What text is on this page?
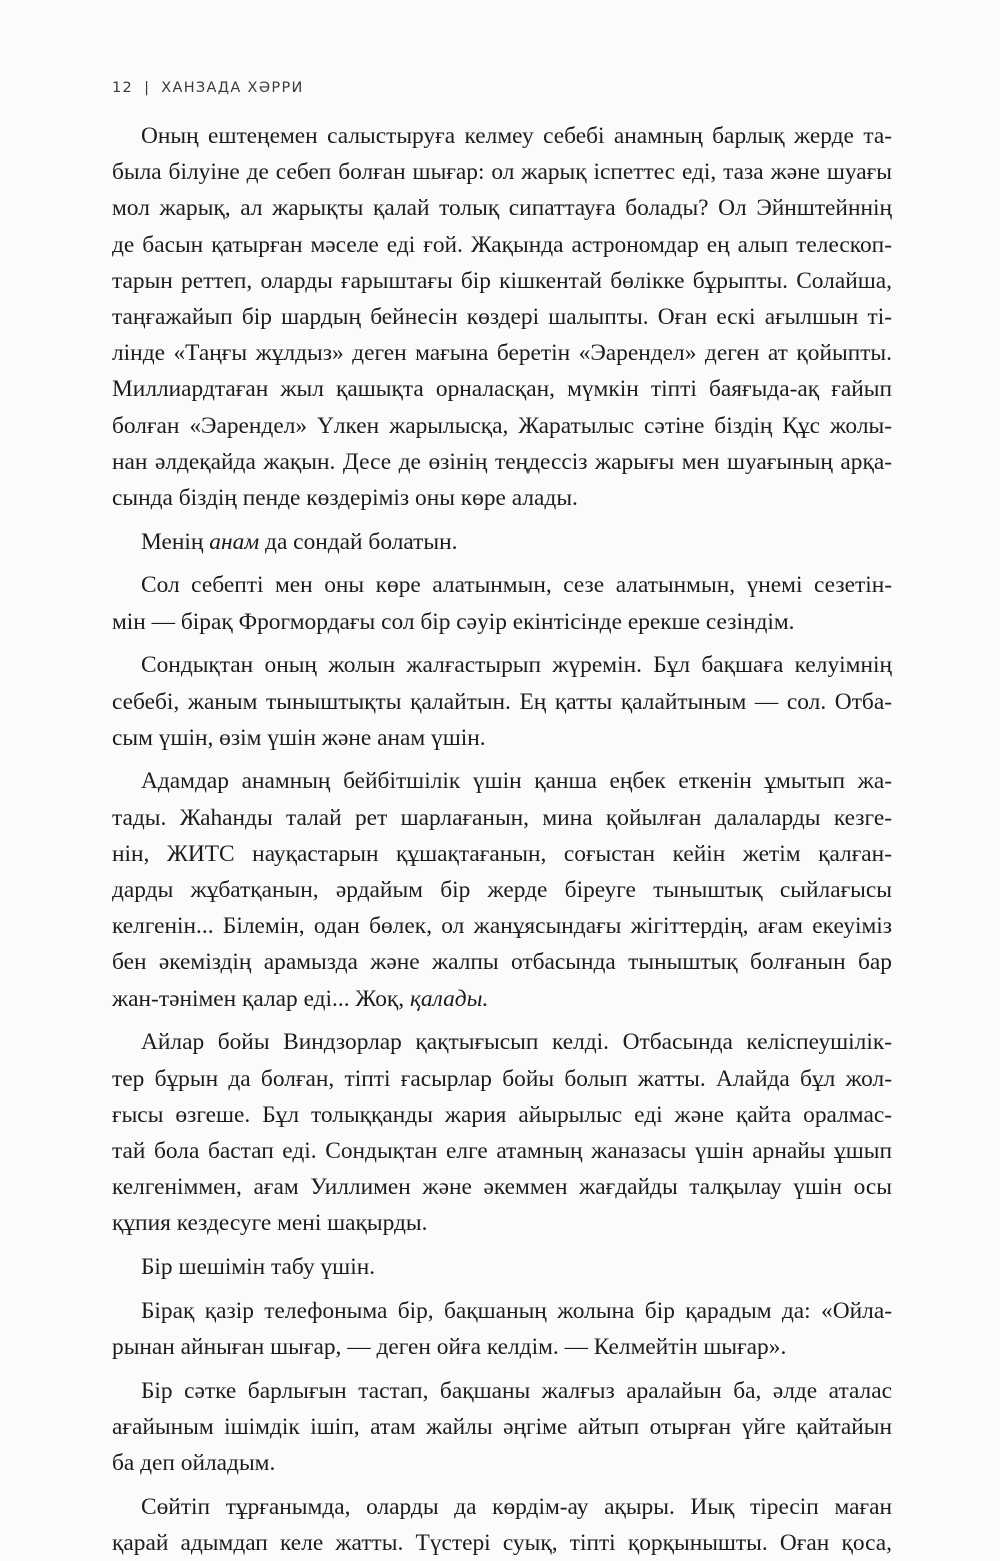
12 | ХАНЗАДА ХӘРРИ
Оның ештеңемен салыстыруға келмеу себебі анамның барлық жерде та-
была білуіне де себеп болған шығар: ол жарық іспеттес еді, таза және шуағы
мол жарық, ал жарықты қалай толық сипаттауға болады? Ол Эйнштейннің
де басын қатырған мәселе еді ғой. Жақында астрономдар ең алып телескоп-
тарын реттеп, оларды ғарыштағы бір кішкентай бөлікке бұрыпты. Солайша,
таңғажайып бір шардың бейнесін көздері шалыпты. Оған ескі ағылшын ті-
лінде «Таңғы жұлдыз» деген мағына беретін «Эарендел» деген ат қойыпты.
Миллиардтаған жыл қашықта орналасқан, мүмкін тіпті баяғыда-ақ ғайып
болған «Эарендел» Үлкен жарылысқа, Жаратылыс сәтіне біздің Құс жолы-
нан әлдеқайда жақын. Десе де өзінің теңдессіз жарығы мен шуағының арқа-
сында біздің пенде көздеріміз оны көре алады.
Менің анам да сондай болатын.
Сол себепті мен оны көре алатынмын, сезе алатынмын, үнемі сезетін-
мін — бірақ Фрогмордағы сол бір сәуір екінтісінде ерекше сезіндім.
Сондықтан оның жолын жалғастырып жүремін. Бұл бақшаға келуімнің
себебі, жаным тыныштықты қалайтын. Ең қатты қалайтыным — сол. Отба-
сым үшін, өзім үшін және анам үшін.
Адамдар анамның бейбітшілік үшін қанша еңбек еткенін ұмытып жа-
тады. Жаһанды талай рет шарлағанын, мина қойылған далаларды кезге-
нін, ЖИТС науқастарын құшақтағанын, соғыстан кейін жетім қалған-
дарды жұбатқанын, әрдайым бір жерде біреуге тыныштық сыйлағысы
келгенін... Білемін, одан бөлек, ол жанұясындағы жігіттердің, ағам екеуіміз
бен әкеміздің арамызда және жалпы отбасында тыныштық болғанын бар
жан-тәнімен қалар еді... Жоқ, қалады.
Айлар бойы Виндзорлар қақтығысып келді. Отбасында келіспеушілік-
тер бұрын да болған, тіпті ғасырлар бойы болып жатты. Алайда бұл жол-
ғысы өзгеше. Бұл толыққанды жария айырылыс еді және қайта оралмас-
тай бола бастап еді. Сондықтан елге атамның жаназасы үшін арнайы ұшып
келгеніммен, ағам Уиллимен және әкеммен жағдайды талқылау үшін осы
құпия кездесуге мені шақырды.
Бір шешімін табу үшін.
Бірақ қазір телефоныма бір, бақшаның жолына бір қарадым да: «Ойла-
рынан айныған шығар, — деген ойға келдім. — Келмейтін шығар».
Бір сәтке барлығын тастап, бақшаны жалғыз аралайын ба, әлде аталас
ағайыным ішімдік ішіп, атам жайлы әңгіме айтып отырған үйге қайтайын
ба деп ойладым.
Сөйтіп тұрғанымда, оларды да көрдім-ау ақыры. Иық тіресіп маған
қарай адымдап келе жатты. Түстері суық, тіпті қорқынышты. Оған қоса,
